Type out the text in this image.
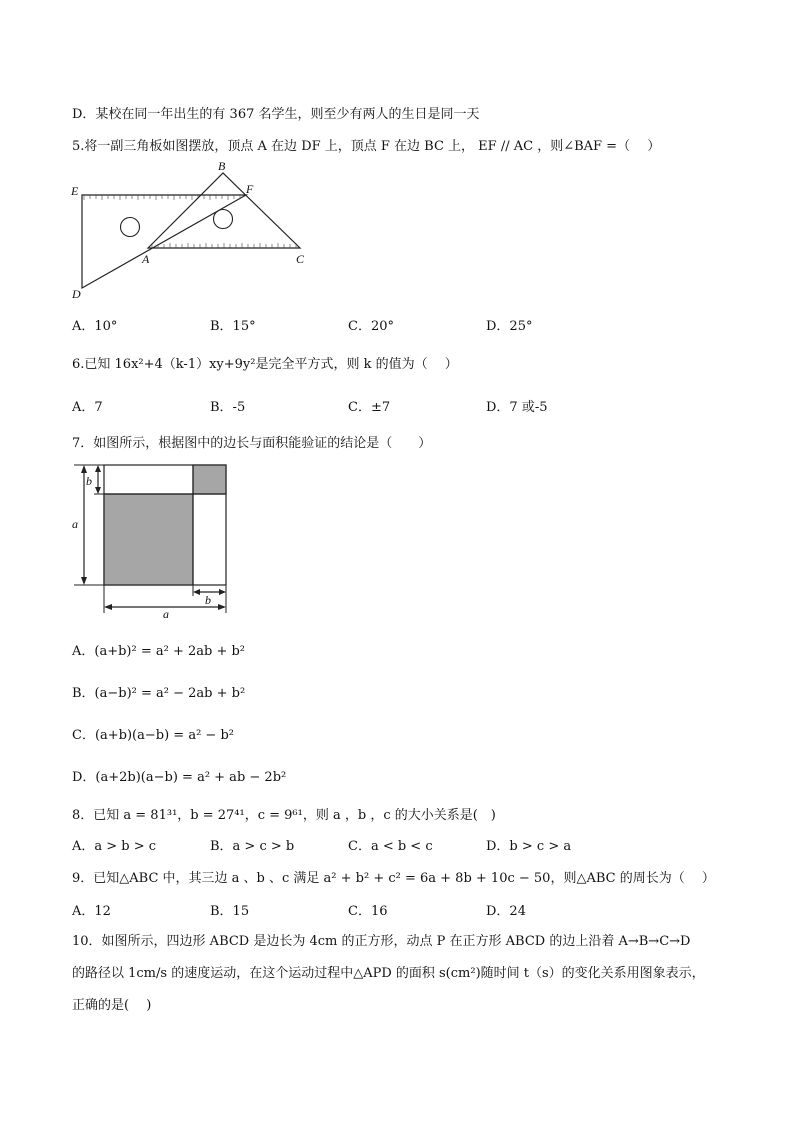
D．某校在同一年出生的有 367 名学生，则至少有两人的生日是同一天
5.将一副三角板如图摆放，顶点 A 在边 DF 上，顶点 F 在边 BC 上， EF // AC ，则∠BAF =（　 ）
B
E	F
A	C
D
A．10°	B．15°	C．20°	D．25°
6.已知 16x²+4（k-1）xy+9y²是完全平方式，则 k 的值为（　 ）
A．7	B．-5	C．±7	D．7 或-5
7．如图所示，根据图中的边长与面积能验证的结论是（　　）
b
a
b
a
A．(a+b)² = a² + 2ab + b²
B．(a−b)² = a² − 2ab + b²
C．(a+b)(a−b) = a² − b²
D．(a+2b)(a−b) = a² + ab − 2b²
8．已知 a = 81³¹，b = 27⁴¹，c = 9⁶¹，则 a ，b ，c 的大小关系是(　)
A．a > b > c	B．a > c > b	C．a < b < c	D．b > c > a
9．已知△ABC 中，其三边 a 、b 、c 满足 a² + b² + c² = 6a + 8b + 10c − 50，则△ABC 的周长为（　 ）
A．12	B．15	C．16	D．24
10．如图所示，四边形 ABCD 是边长为 4cm 的正方形，动点 P 在正方形 ABCD 的边上沿着 A→B→C→D
的路径以 1cm/s 的速度运动，在这个运动过程中△APD 的面积 s(cm²)随时间 t（s）的变化关系用图象表示，
正确的是(　 )
